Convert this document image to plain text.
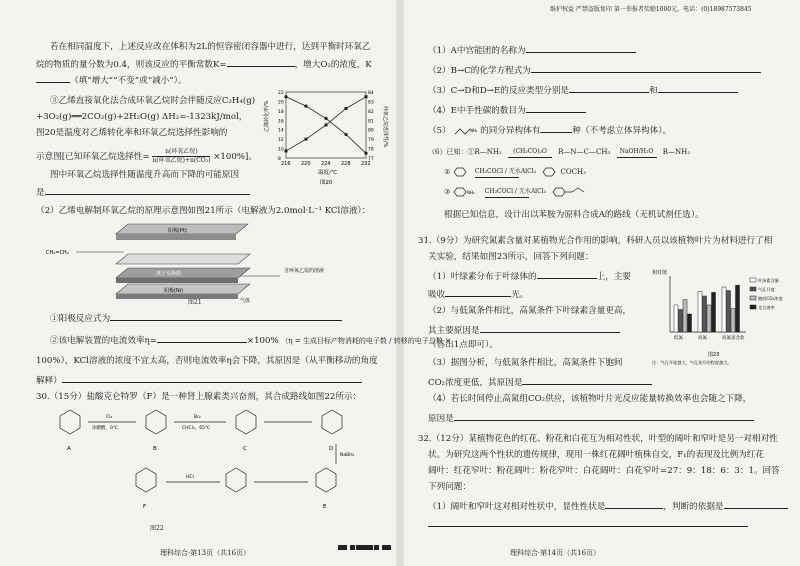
若在相同温度下，上述反应改在体积为2L的恒容密闭容器中进行，达到平衡时环氧乙
烷的物质的量分数为0.4，则该反应的平衡常数K=	，增大O₂的浓度，K
（填“增大”“不变”或“减小”）。
③乙烯直接氧化法合成环氧乙烷时会伴随反应C₂H₄(g)
+3O₂(g)══2CO₂(g)+2H₂O(g) ΔH₂=-1323kJ/mol，
图20是温度对乙烯转化率和环氧乙烷选择性影响的
示意图[已知环氧乙烷选择性=
n(环氧乙烷)
n(环氧乙烷)+n(CO₂) ×100%]。
图中环氧乙烷选择性随温度升高而下降的可能原因
是
216 220 224 228 232
8
10
12
14
16
18
20
22
77
78
79
80
81
82
83
84
乙烯转化率/%	环氧乙烷选择性/%
温度/℃
图20
（2）乙烯电解制环氧乙烷的原理示意图如图21所示（电解液为2.0mol·L⁻¹ KCl溶液）：
阳极(Pt)
CH₂=CH₂
离子交换膜
阴极(Ni)
含环氧乙烷的溶液
气体
图21
①阳极反应式为
②该电解装置的电流效率η=	×100% （η = 生成目标产物消耗的电子数 / 转移的电子总数 ×
100%），KCl溶液的浓度不宜太高，否则电流效率η会下降，其原因是（从平衡移动的角度
解释）
30.（15分）盐酸克仑特罗（F）是一种肾上腺素类兴奋剂，其合成路线如图22所示：
A	B	C	D
E
F
Cl₂
冰醋酸，0℃
Br₂
CHCl₃，65℃
NaBH₄
HCl
图22
理科综合·第13页（共16页）
维护权益 严禁盗版复印 第一举报者奖励1000元，电话：(0)18987573845
（1）A中官能团的名称为
（2）B→C的化学方程式为
（3）C→D和D→E的反应类型分别是	和
（4）E中手性碳的数目为
（5）	NH₂ 的同分异构体有	种（不考虑立体异构体）。
（6）已知：①R—NH₂	(CH₃CO)₂O	R—N—C—CH₃	NaOH/H₂O	R—NH₂
②	CH₃COCl / 无水AlCl₃	COCH₃
③	NH₂
CH₃COCl / 无水AlCl₃

根据已知信息，设计出以苯胺为原料合成A的路线（无机试剂任选）。
31.（9分）为研究氮素含量对某植物光合作用的影响，科研人员以该植物叶片为材料进行了相
关实验，结果如图23所示，回答下列问题：
（1）叶绿素分布于叶绿体的	上，主要
吸收	光。
（2）与低氮条件相比，高氮条件下叶绿素含量更高，
其主要原因是
（答出1点即可）。
（3）据图分析，与低氮条件相比，高氮条件下胞间
CO₂浓度更低，其原因是
相对值
低氮	高氮	高氮富含盐
叶绿素含量
气孔开度
胞间CO₂浓度
光合速率
图23
注：气孔开度越大，气孔张开的程度越大。
（4）若长时间停止高氮组CO₂供应，该植物叶片光反应能量转换效率也会随之下降，
原因是
32.（12分）某植物花色的红花、粉花和白花互为相对性状，叶型的阔叶和窄叶是另一对相对性
状。为研究这两个性状的遗传规律，现用一株红花阔叶植株自交，F₁的表现及比例为红花
阔叶：红花窄叶：粉花阔叶：粉花窄叶：白花阔叶：白花窄叶=27：9：18：6：3：1。回答
下列问题：
（1）阔叶和窄叶这对相对性状中，显性性状是	，判断的依据是
理科综合·第14页（共16页）
